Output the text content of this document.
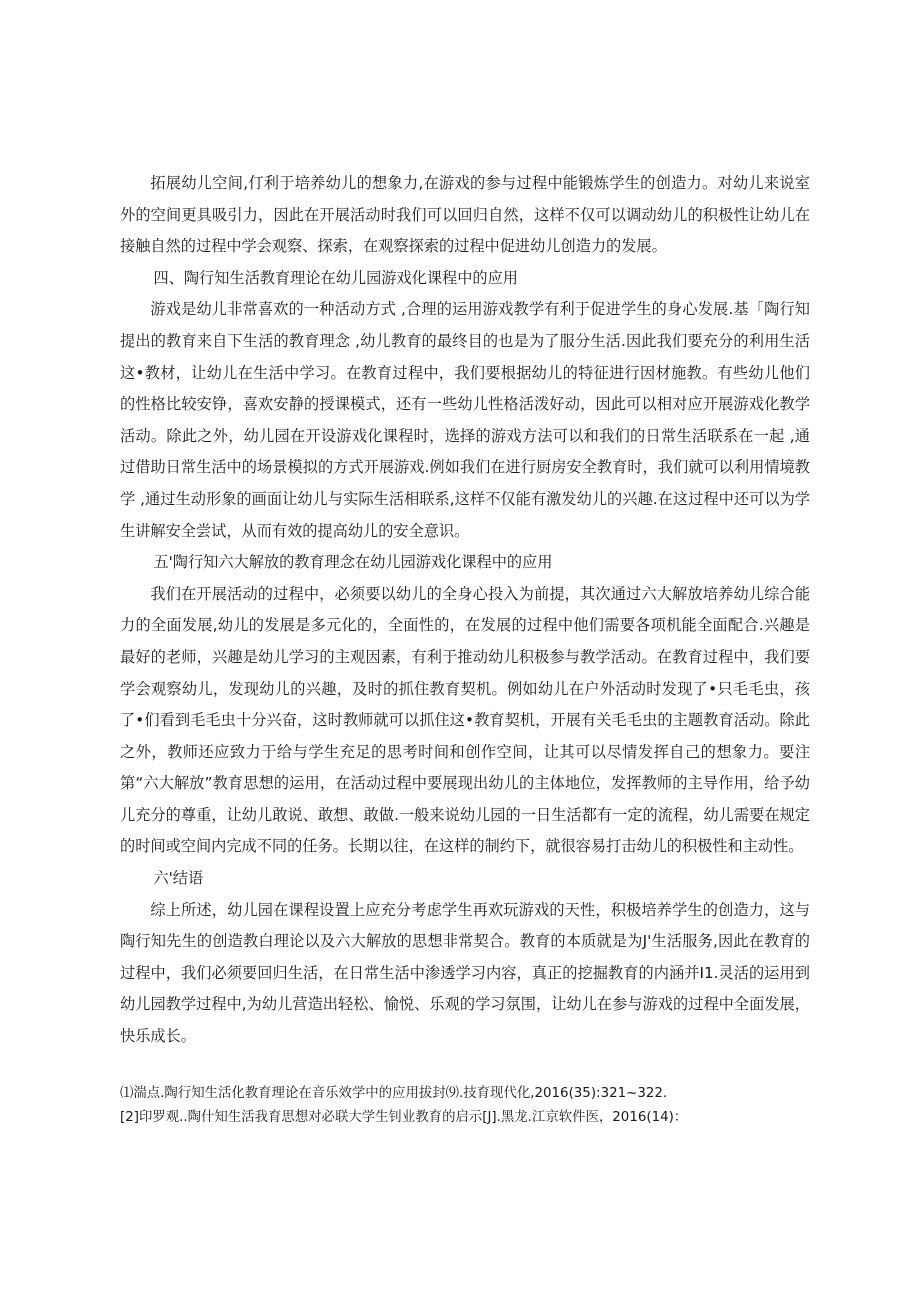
拓展幼儿空间,仃利于培养幼儿的想象力,在游戏的参与过程中能锻炼学生的创造力。对幼儿来说室外的空间更具吸引力，因此在开展活动时我们可以回归自然，这样不仅可以调动幼儿的积极性让幼儿在接触自然的过程中学会观察、探索，在观察探索的过程中促进幼儿创造力的发展。

四、陶行知生活教育理论在幼儿园游戏化课程中的应用

游戏是幼儿非常喜欢的一种活动方式 ,合理的运用游戏教学有利于促进学生的身心发展.基「陶行知提出的教育来自下生活的教育理念 ,幼儿教育的最终目的也是为了服分生活.因此我们要充分的利用生活这•教材，让幼儿在生活中学习。在教育过程中，我们要根据幼儿的特征进行因材施教。有些幼儿他们的性格比较安铮，喜欢安静的授课模式，还有一些幼儿性格活泼好动，因此可以相对应开展游戏化教学活动。除此之外，幼儿园在开设游戏化课程时，选择的游戏方法可以和我们的日常生活联系在一起 ,通过借助日常生活中的场景模拟的方式开展游戏.例如我们在进行厨房安全教育时，我们就可以利用情境教学 ,通过生动形象的画面让幼儿与实际生活相联系,这样不仅能有激发幼儿的兴趣.在这过程中还可以为学生讲解安全尝试，从而有效的提高幼儿的安全意识。

五'陶行知六大解放的教育理念在幼儿园游戏化课程中的应用

我们在开展活动的过程中，必须要以幼儿的全身心投入为前提，其次通过六大解放培养幼儿综合能力的全面发展,幼儿的发展是多元化的，全面性的，在发展的过程中他们需要各项机能全面配合.兴趣是最好的老师，兴趣是幼儿学习的主观因素，有利于推动幼儿积极参与教学活动。在教育过程中，我们要学会观察幼儿，发现幼儿的兴趣，及时的抓住教育契机。例如幼儿在户外活动时发现了•只毛毛虫，孩了•们看到毛毛虫十分兴奋，这时教师就可以抓住这•教育契机，开展有关毛毛虫的主题教育活动。除此之外，教师还应致力于给与学生充足的思考时间和创作空间，让其可以尽情发挥自己的想象力。要注第“六大解放”教育思想的运用，在活动过程中要展现出幼儿的主体地位，发挥教师的主导作用，给予幼儿充分的尊重，让幼儿敢说、敢想、敢做.一般来说幼儿园的一日生活都有一定的流程，幼儿需要在规定的时间或空间内完成不同的任务。长期以往，在这样的制约下，就很容易打击幼儿的积极性和主动性。

六'结语

综上所述，幼儿园在课程设置上应充分考虑学生再欢玩游戏的天性，积极培养学生的创造力，这与陶行知先生的创造教白理论以及六大解放的思想非常契合。教育的本质就是为J'生活服务,因此在教育的过程中，我们必须要回归生活，在日常生活中渗透学习内容，真正的挖掘教育的内涵并I1.灵活的运用到幼儿园教学过程中,为幼儿营造出轻松、愉悦、乐观的学习氛围，让幼儿在参与游戏的过程中全面发展，快乐成长。

⑴湍点.陶行知生活化教育理论在音乐效学中的应用拔封⑼.技育现代化,2016(35):321~322.

[2]印罗观..陶什知生活我育思想对必联大学生钊业教育的启示[J].黑龙.江京软件医，2016(14)：
